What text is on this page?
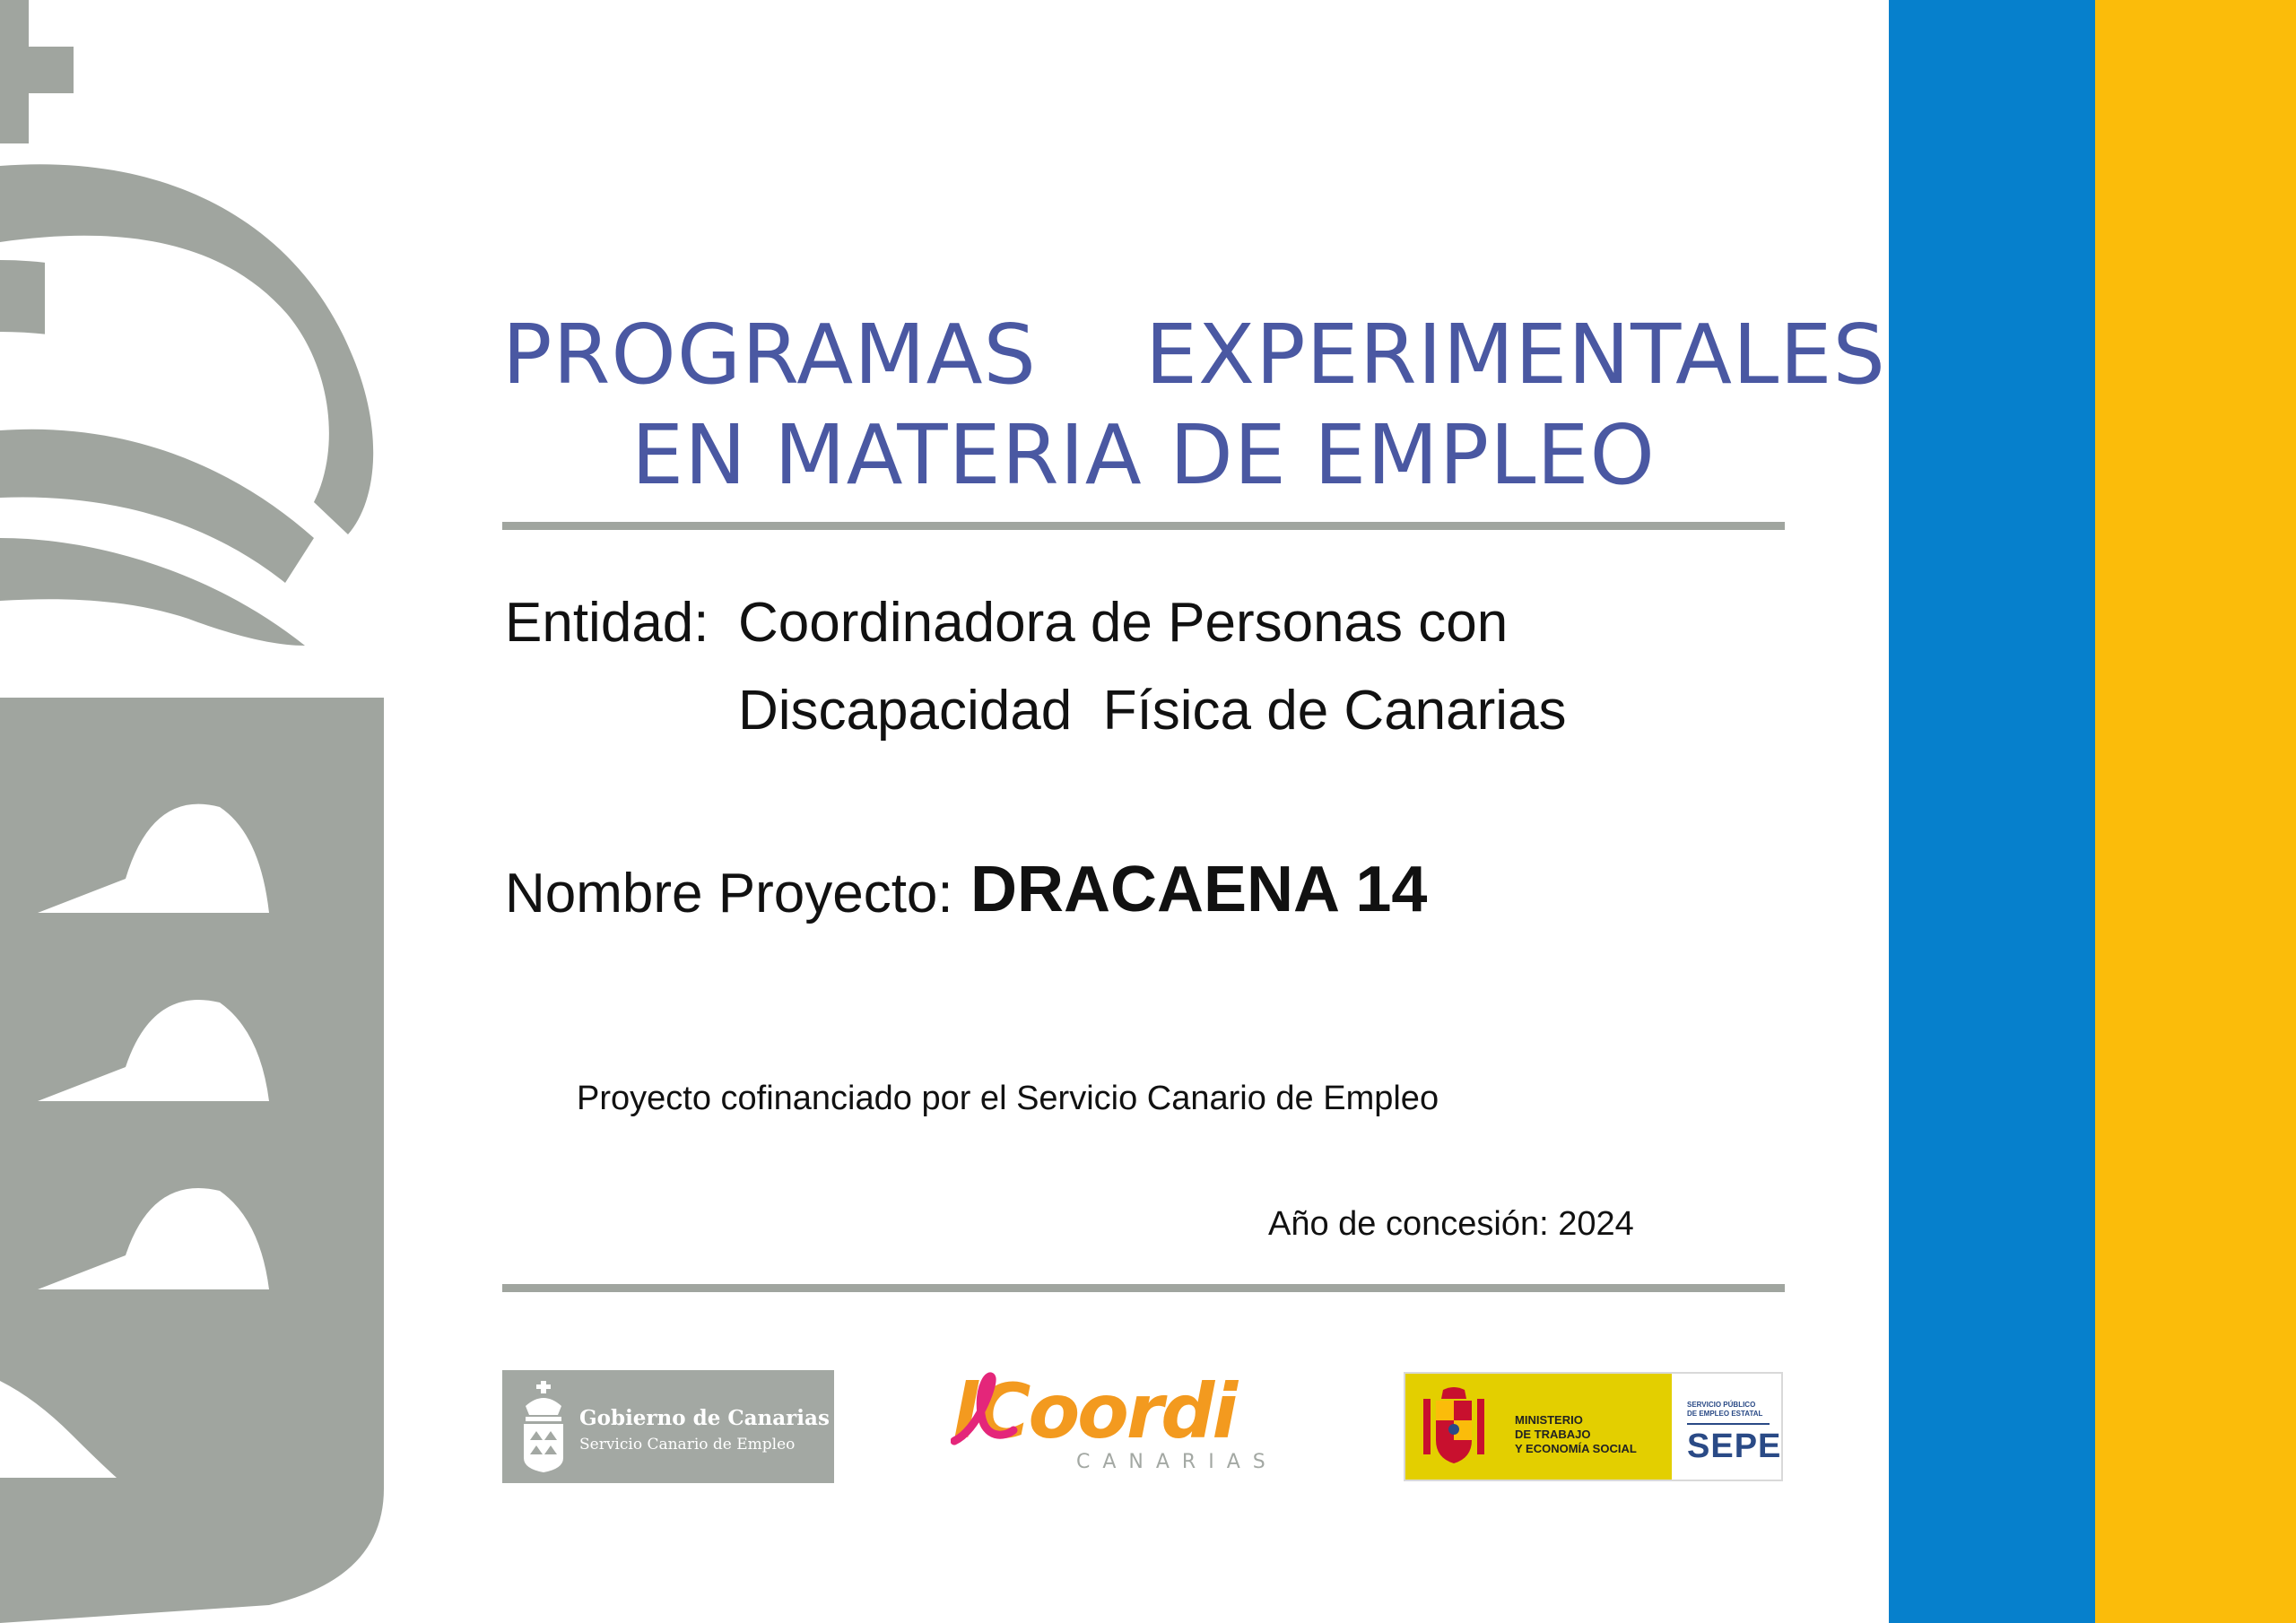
PROGRAMAS    EXPERIMENTALES
EN MATERIA DE EMPLEO
Entidad: Coordinadora de Personas con
Discapacidad  Física de Canarias
Nombre Proyecto: DRACAENA 14
Proyecto cofinanciado por el Servicio Canario de Empleo
Año de concesión: 2024
Gobierno de Canarias
Servicio Canario de Empleo lCoordi
CANARIAS
MINISTERIO
DE TRABAJO
Y ECONOMÍA SOCIAL
SERVICIO PÚBLICO
DE EMPLEO ESTATAL
SEPE
